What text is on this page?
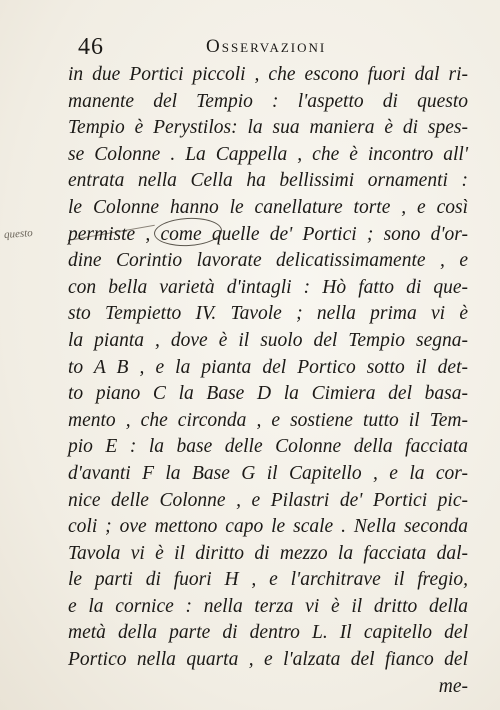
46	Osservazioni
questo
in due Portici piccoli , che escono fuori dal ri-
manente del Tempio : l'aspetto di questo
Tempio è Perystilos: la sua maniera è di spes-
se Colonne . La Cappella , che è incontro all'
entrata nella Cella ha bellissimi ornamenti :
le Colonne hanno le canellature torte , e così
permiste , come quelle de' Portici ; sono d'or-
dine Corintio lavorate delicatissimamente , e
con bella varietà d'intagli : Hò fatto di que-
sto Tempietto IV. Tavole ; nella prima vi è
la pianta , dove è il suolo del Tempio segna-
to A B , e la pianta del Portico sotto il det-
to piano C la Base D la Cimiera del basa-
mento , che circonda , e sostiene tutto il Tem-
pio E : la base delle Colonne della facciata
d'avanti F la Base G il Capitello , e la cor-
nice delle Colonne , e Pilastri de' Portici pic-
coli ; ove mettono capo le scale . Nella seconda
Tavola vi è il diritto di mezzo la facciata dal-
le parti di fuori H , e l'architrave il fregio,
e la cornice : nella terza vi è il dritto della
metà della parte di dentro L. Il capitello del
Portico nella quarta , e l'alzata del fianco del
me-
